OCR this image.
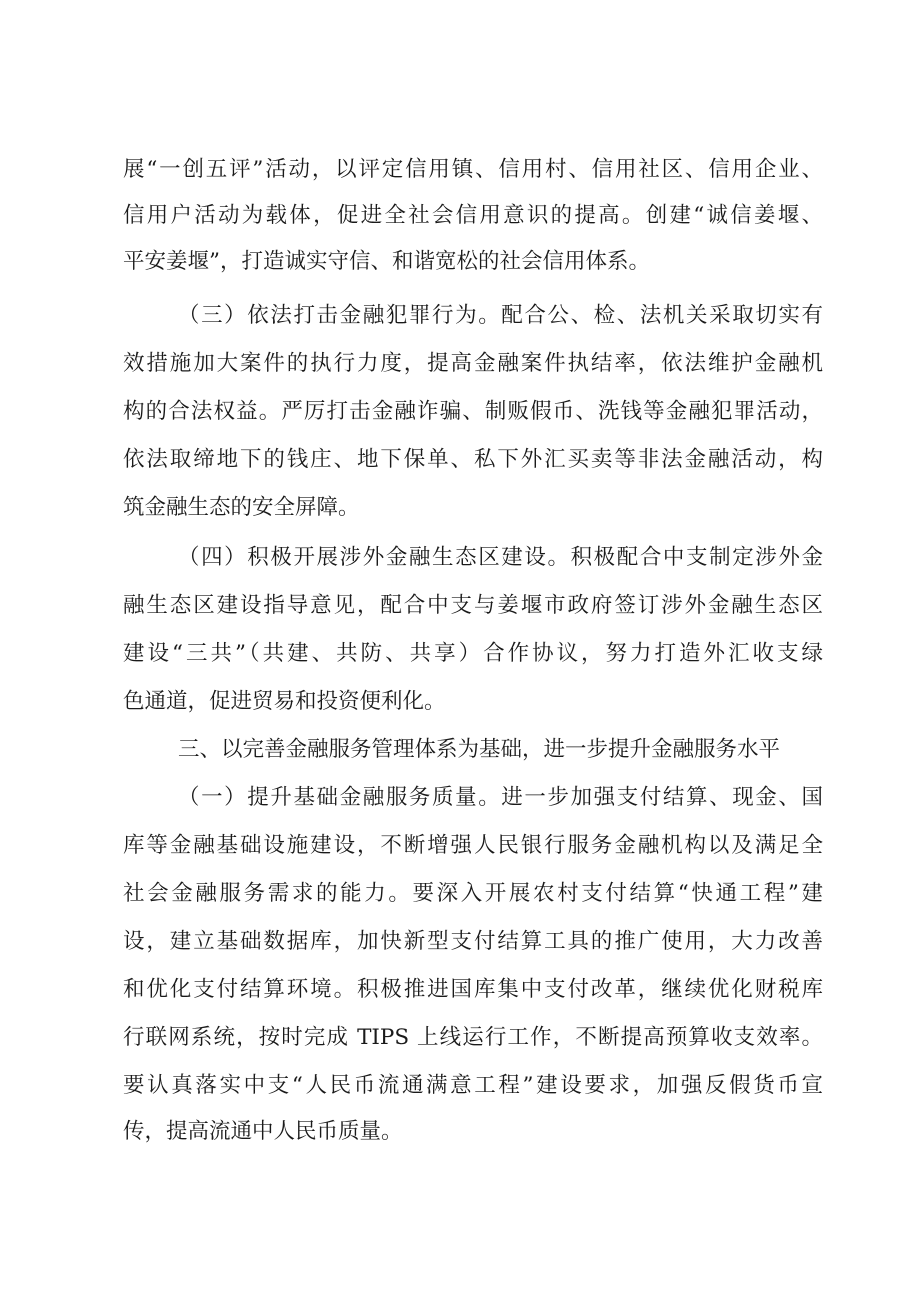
展“一创五评”活动，以评定信用镇、信用村、信用社区、信用企业、
信用户活动为载体，促进全社会信用意识的提高。创建“诚信姜堰、
平安姜堰”，打造诚实守信、和谐宽松的社会信用体系。
（三）依法打击金融犯罪行为。配合公、检、法机关采取切实有
效措施加大案件的执行力度，提高金融案件执结率，依法维护金融机
构的合法权益。严厉打击金融诈骗、制贩假币、洗钱等金融犯罪活动，
依法取缔地下的钱庄、地下保单、私下外汇买卖等非法金融活动，构
筑金融生态的安全屏障。
（四）积极开展涉外金融生态区建设。积极配合中支制定涉外金
融生态区建设指导意见，配合中支与姜堰市政府签订涉外金融生态区
建设“三共”（共建、共防、共享）合作协议，努力打造外汇收支绿
色通道，促进贸易和投资便利化。
三、以完善金融服务管理体系为基础，进一步提升金融服务水平
（一）提升基础金融服务质量。进一步加强支付结算、现金、国
库等金融基础设施建设，不断增强人民银行服务金融机构以及满足全
社会金融服务需求的能力。要深入开展农村支付结算“快通工程”建
设，建立基础数据库，加快新型支付结算工具的推广使用，大力改善
和优化支付结算环境。积极推进国库集中支付改革，继续优化财税库
行联网系统，按时完成 TIPS 上线运行工作，不断提高预算收支效率。
要认真落实中支“人民币流通满意工程”建设要求，加强反假货币宣
传，提高流通中人民币质量。
